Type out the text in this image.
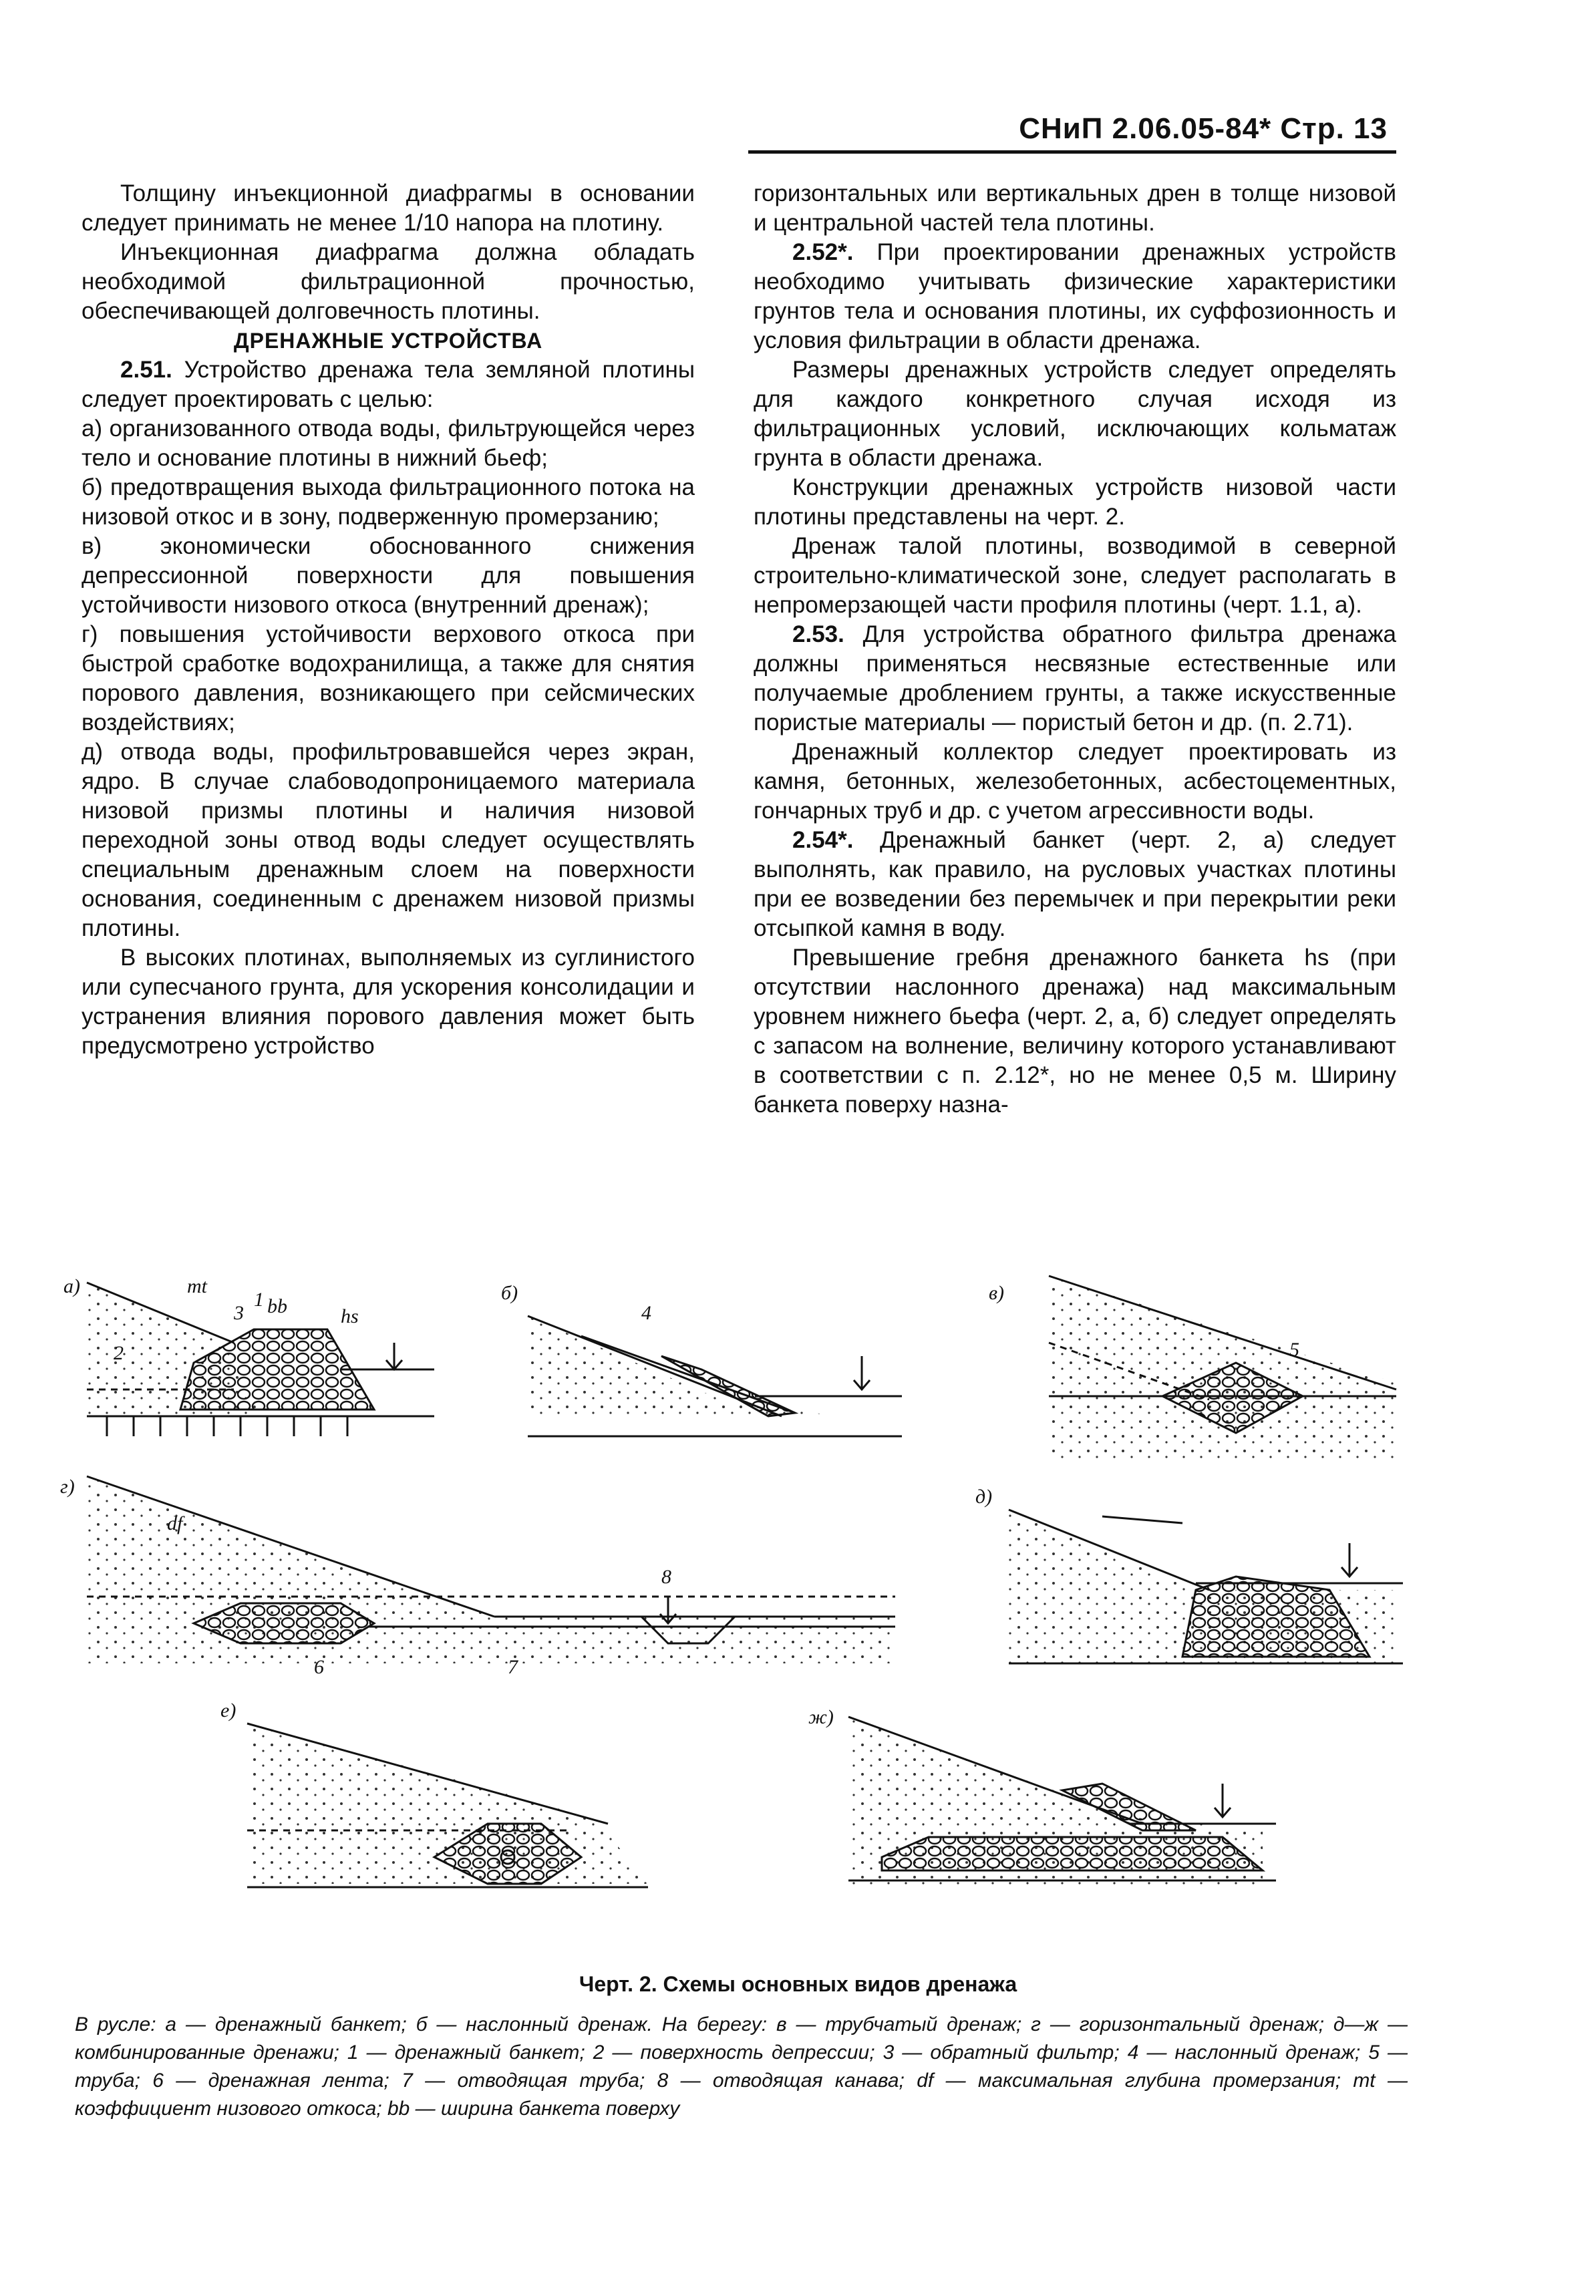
СНиП 2.06.05-84* Стр. 13

Толщину инъекционной диафрагмы в основании следует принимать не менее 1/10 напора на плотину.

Инъекционная диафрагма должна обладать необходимой фильтрационной прочностью, обеспечивающей долговечность плотины.

ДРЕНАЖНЫЕ УСТРОЙСТВА

2.51. Устройство дренажа тела земляной плотины следует проектировать с целью:

а) организованного отвода воды, фильтрующейся через тело и основание плотины в нижний бьеф;

б) предотвращения выхода фильтрационного потока на низовой откос и в зону, подверженную промерзанию;

в) экономически обоснованного снижения депрессионной поверхности для повышения устойчивости низового откоса (внутренний дренаж);

г) повышения устойчивости верхового откоса при быстрой сработке водохранилища, а также для снятия порового давления, возникающего при сейсмических воздействиях;

д) отвода воды, профильтровавшейся через экран, ядро. В случае слабоводопроницаемого материала низовой призмы плотины и наличия низовой переходной зоны отвод воды следует осуществлять специальным дренажным слоем на поверхности основания, соединенным с дренажем низовой призмы плотины.

В высоких плотинах, выполняемых из суглинистого или супесчаного грунта, для ускорения консолидации и устранения влияния порового давления может быть предусмотрено устройство

горизонтальных или вертикальных дрен в толще низовой и центральной частей тела плотины.

2.52*. При проектировании дренажных устройств необходимо учитывать физические характеристики грунтов тела и основания плотины, их суффозионность и условия фильтрации в области дренажа.

Размеры дренажных устройств следует определять для каждого конкретного случая исходя из фильтрационных условий, исключающих кольматаж грунта в области дренажа.

Конструкции дренажных устройств низовой части плотины представлены на черт. 2.

Дренаж талой плотины, возводимой в северной строительно-климатической зоне, следует располагать в непромерзающей части профиля плотины (черт. 1.1, а).

2.53. Для устройства обратного фильтра дренажа должны применяться несвязные естественные или получаемые дроблением грунты, а также искусственные пористые материалы — пористый бетон и др. (п. 2.71).

Дренажный коллектор следует проектировать из камня, бетонных, железобетонных, асбестоцементных, гончарных труб и др. с учетом агрессивности воды.

2.54*. Дренажный банкет (черт. 2, а) следует выполнять, как правило, на русловых участках плотины при ее возведении без перемычек и при перекрытии реки отсыпкой камня в воду.

Превышение гребня дренажного банкета hs (при отсутствии наслонного дренажа) над максимальным уровнем нижнего бьефа (черт. 2, а, б) следует определять с запасом на волнение, величину которого устанавливают в соответствии с п. 2.12*, но не менее 0,5 м. Ширину банкета поверху назна-

а)	б)	в)
г)	д)
е)	ж)
mt
bb	hs
1
2
3	4
5
6	7
8
df
Черт. 2. Схемы основных видов дренажа
В русле: а — дренажный банкет; б — наслонный дренаж. На берегу: в — трубчатый дренаж; г — горизонтальный дренаж; д—ж — комбинированные дренажи; 1 — дренажный банкет; 2 — поверхность депрессии; 3 — обратный фильтр; 4 — наслонный дренаж; 5 —труба; 6 — дренажная лента; 7 — отводящая труба; 8 — отводящая канава; df — максимальная глубина промерзания; mt — коэффициент низового откоса; bb — ширина банкета поверху
